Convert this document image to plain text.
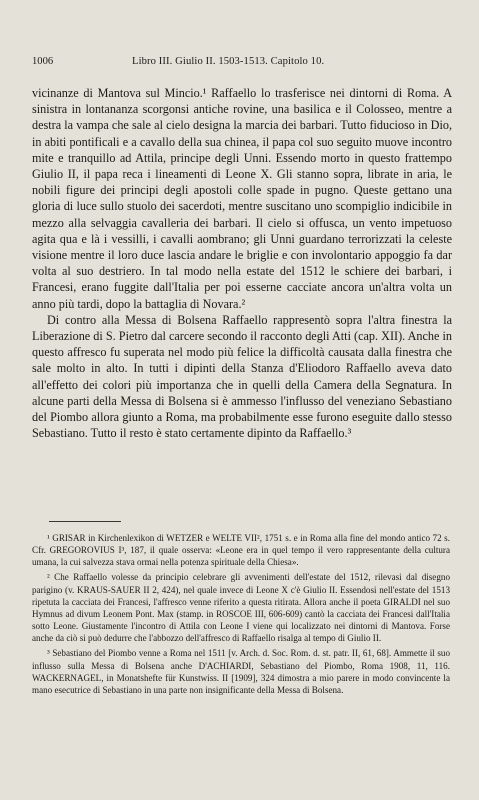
1006	Libro III. Giulio II. 1503-1513. Capitolo 10.

vicinanze di Mantova sul Mincio.¹ Raffaello lo trasferisce nei dintorni di Roma. A sinistra in lontananza scorgonsi antiche rovine, una basilica e il Colosseo, mentre a destra la vampa che sale al cielo designa la marcia dei barbari. Tutto fiducioso in Dio, in abiti pontificali e a cavallo della sua chinea, il papa col suo seguito muove incontro mite e tranquillo ad Attila, principe degli Unni. Essendo morto in questo frattempo Giulio II, il papa reca i lineamenti di Leone X. Gli stanno sopra, librate in aria, le nobili figure dei principi degli apostoli colle spade in pugno. Queste gettano una gloria di luce sullo stuolo dei sacerdoti, mentre suscitano uno scompiglio indicibile in mezzo alla selvaggia cavalleria dei barbari. Il cielo si offusca, un vento impetuoso agita qua e là i vessilli, i cavalli aombrano; gli Unni guardano terrorizzati la celeste visione mentre il loro duce lascia andare le briglie e con involontario appoggio fa dar volta al suo destriero. In tal modo nella estate del 1512 le schiere dei barbari, i Francesi, erano fuggite dall'Italia per poi esserne cacciate ancora un'altra volta un anno più tardi, dopo la battaglia di Novara.²

Di contro alla Messa di Bolsena Raffaello rappresentò sopra l'altra finestra la Liberazione di S. Pietro dal carcere secondo il racconto degli Atti (cap. XII). Anche in questo affresco fu superata nel modo più felice la difficoltà causata dalla finestra che sale molto in alto. In tutti i dipinti della Stanza d'Eliodoro Raffaello aveva dato all'effetto dei colori più importanza che in quelli della Camera della Segnatura. In alcune parti della Messa di Bolsena si è ammesso l'influsso del veneziano Sebastiano del Piombo allora giunto a Roma, ma probabilmente esse furono eseguite dallo stesso Sebastiano. Tutto il resto è stato certamente dipinto da Raffaello.³

¹ GRISAR in Kirchenlexikon di WETZER e WELTE VII², 1751 s. e in Roma alla fine del mondo antico 72 s. Cfr. GREGOROVIUS I³, 187, il quale osserva: «Leone era in quel tempo il vero rappresentante della cultura umana, la cui salvezza stava ormai nella potenza spirituale della Chiesa».

² Che Raffaello volesse da principio celebrare gli avvenimenti dell'estate del 1512, rilevasi dal disegno parigino (v. KRAUS-SAUER II 2, 424), nel quale invece di Leone X c'è Giulio II. Essendosi nell'estate del 1513 ripetuta la cacciata dei Francesi, l'affresco venne riferito a questa ritirata. Allora anche il poeta GIRALDI nel suo Hymnus ad divum Leonem Pont. Max (stamp. in ROSCOE III, 606-609) cantò la cacciata dei Francesi dall'Italia sotto Leone. Giustamente l'incontro di Attila con Leone I viene qui localizzato nei dintorni di Mantova. Forse anche da ciò si può dedurre che l'abbozzo dell'affresco di Raffaello risalga al tempo di Giulio II.

³ Sebastiano del Piombo venne a Roma nel 1511 [v. Arch. d. Soc. Rom. d. st. patr. II, 61, 68]. Ammette il suo influsso sulla Messa di Bolsena anche D'ACHIARDI, Sebastiano del Piombo, Roma 1908, 11, 116. WACKERNAGEL, in Monatshefte für Kunstwiss. II [1909], 324 dimostra a mio parere in modo convincente la mano esecutrice di Sebastiano in una parte non insignificante della Messa di Bolsena.
